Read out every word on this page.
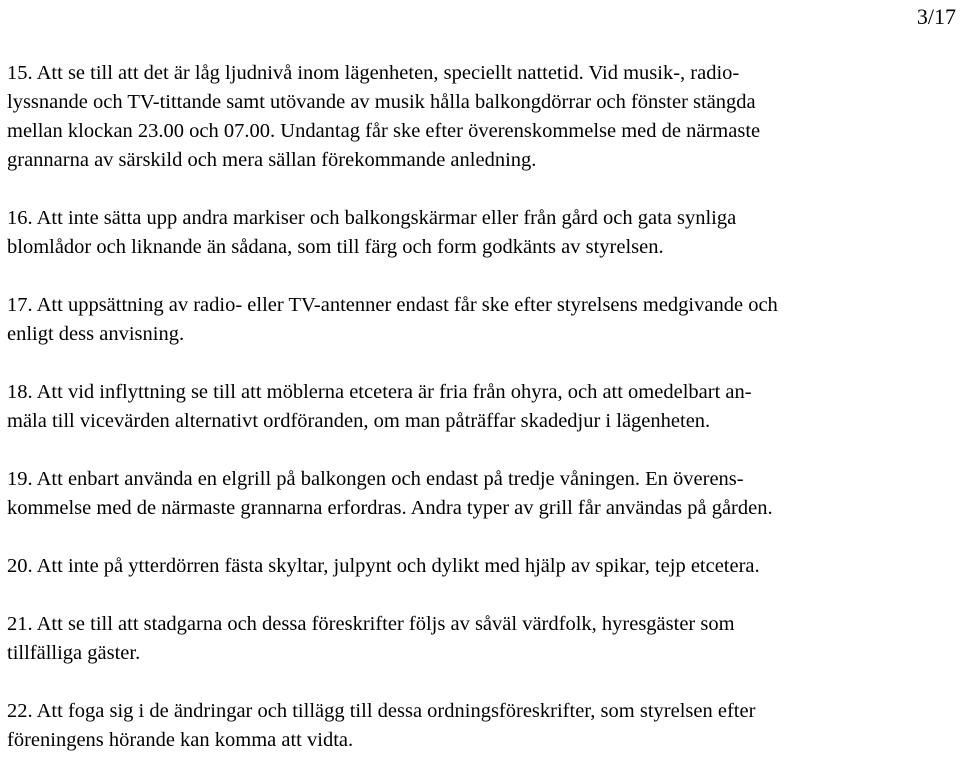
3/17
15. Att se till att det är låg ljudnivå inom lägenheten, speciellt nattetid. Vid musik-, radio-
lyssnande och TV-tittande samt utövande av musik hålla balkongdörrar och fönster stängda
mellan klockan 23.00 och 07.00. Undantag får ske efter överenskommelse med de närmaste
grannarna av särskild och mera sällan förekommande anledning.
16. Att inte sätta upp andra markiser och balkongskärmar eller från gård och gata synliga
blomlådor och liknande än sådana, som till färg och form godkänts av styrelsen.
17. Att uppsättning av radio- eller TV-antenner endast får ske efter styrelsens medgivande och
enligt dess anvisning.
18. Att vid inflyttning se till att möblerna etcetera är fria från ohyra, och att omedelbart an-
mäla till vicevärden alternativt ordföranden, om man påträffar skadedjur i lägenheten.
19. Att enbart använda en elgrill på balkongen och endast på tredje våningen. En överens-
kommelse med de närmaste grannarna erfordras. Andra typer av grill får användas på gården.
20. Att inte på ytterdörren fästa skyltar, julpynt och dylikt med hjälp av spikar, tejp etcetera.
21. Att se till att stadgarna och dessa föreskrifter följs av såväl värdfolk, hyresgäster som
tillfälliga gäster.
22. Att foga sig i de ändringar och tillägg till dessa ordningsföreskrifter, som styrelsen efter
föreningens hörande kan komma att vidta.
